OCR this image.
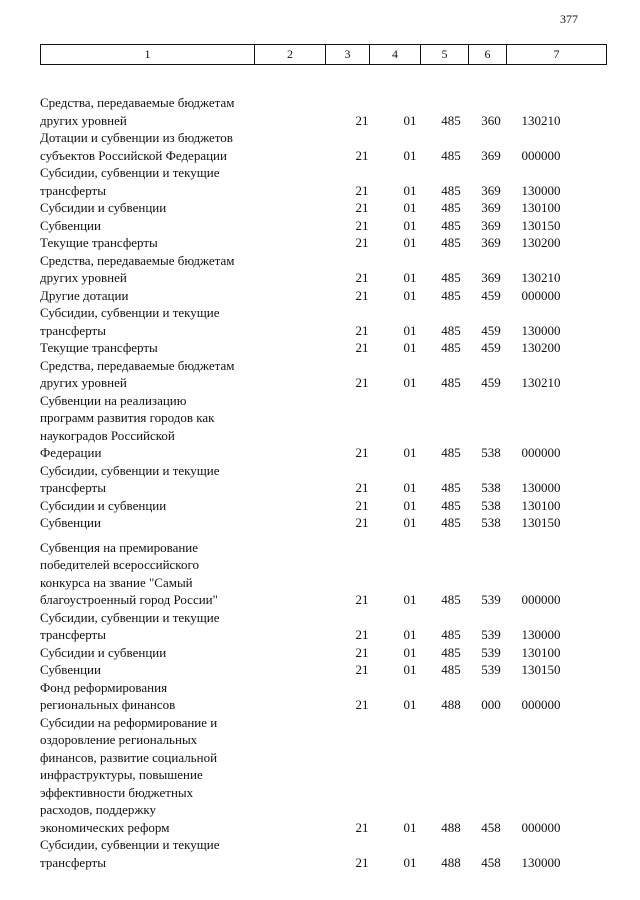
377
1	2	3	4	5	6	7
Средства, передаваемые бюджетам
других уровней	21	01	485	360	130210
Дотации и субвенции из бюджетов
субъектов Российской Федерации	21	01	485	369	000000
Субсидии, субвенции и текущие
трансферты	21	01	485	369	130000
Субсидии и субвенции	21	01	485	369	130100
Субвенции	21	01	485	369	130150
Текущие трансферты	21	01	485	369	130200
Средства, передаваемые бюджетам
других уровней	21	01	485	369	130210
Другие дотации	21	01	485	459	000000
Субсидии, субвенции и текущие
трансферты	21	01	485	459	130000
Текущие трансферты	21	01	485	459	130200
Средства, передаваемые бюджетам
других уровней	21	01	485	459	130210
Субвенции на реализацию
программ развития городов как
наукоградов Российской
Федерации	21	01	485	538	000000
Субсидии, субвенции и текущие
трансферты	21	01	485	538	130000
Субсидии и субвенции	21	01	485	538	130100
Субвенции	21	01	485	538	130150
Субвенция на премирование
победителей всероссийского
конкурса на звание "Самый
благоустроенный город России"	21	01	485	539	000000
Субсидии, субвенции и текущие
трансферты	21	01	485	539	130000
Субсидии и субвенции	21	01	485	539	130100
Субвенции	21	01	485	539	130150
Фонд реформирования
региональных финансов	21	01	488	000	000000
Субсидии на реформирование и
оздоровление региональных
финансов, развитие социальной
инфраструктуры, повышение
эффективности бюджетных
расходов, поддержку
экономических реформ	21	01	488	458	000000
Субсидии, субвенции и текущие
трансферты	21	01	488	458	130000
